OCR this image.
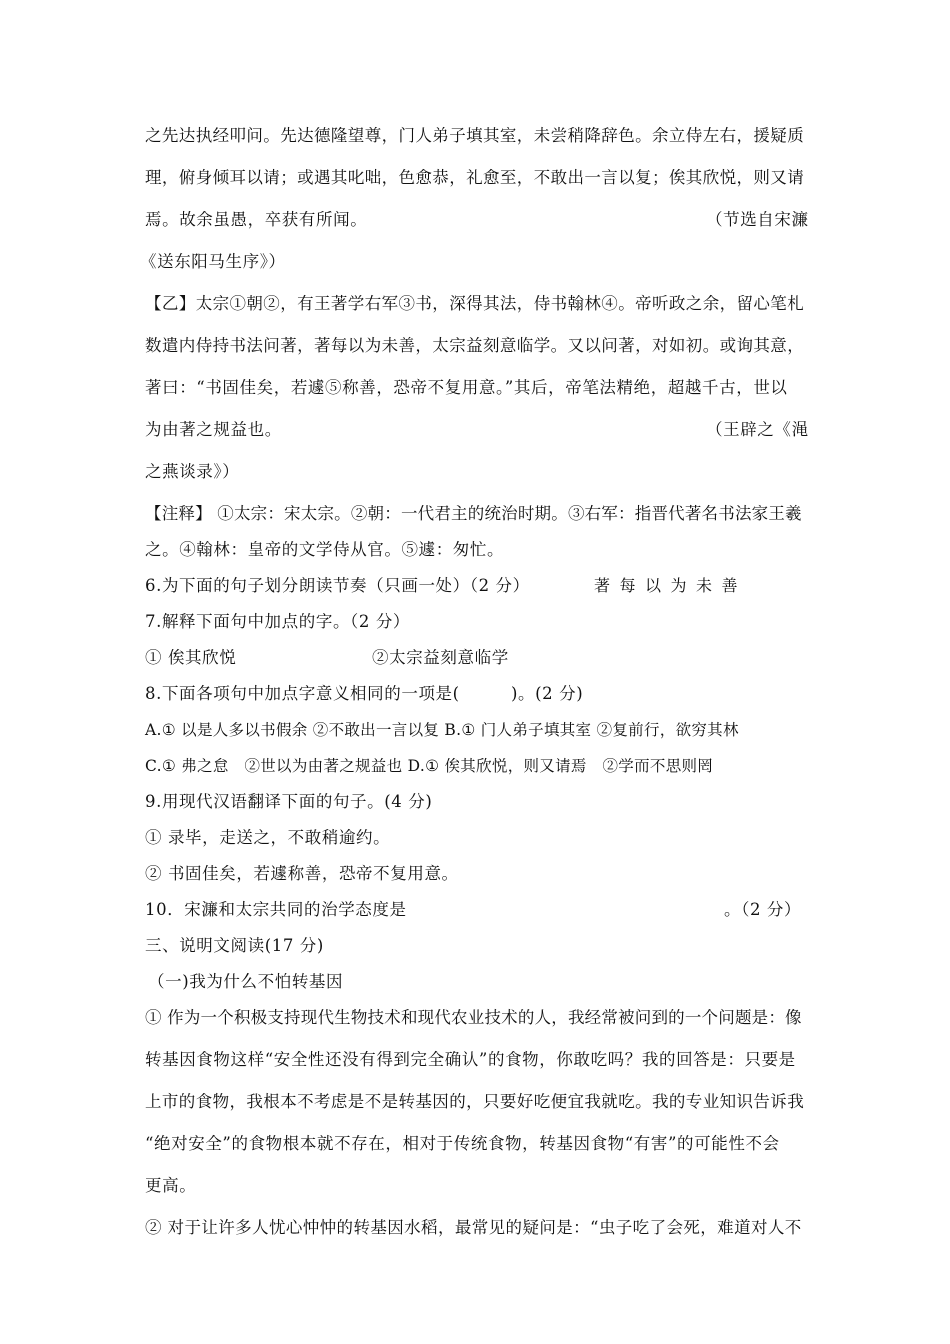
之先达执经叩问。先达德隆望尊，门人弟子填其室，未尝稍降辞色。余立侍左右，援疑质
理，俯身倾耳以请；或遇其叱咄，色愈恭，礼愈至，不敢出一言以复；俟其欣悦，则又请
焉。故余虽愚，卒获有所闻。	（节选自宋濂
《送东阳马生序》）
【乙】太宗①朝②，有王著学右军③书，深得其法，侍书翰林④。帝听政之余，留心笔札
数遣内侍持书法问著，著每以为未善，太宗益刻意临学。又以问著，对如初。或询其意，
著曰：“书固佳矣，若遽⑤称善，恐帝不复用意。”其后，帝笔法精绝，超越千古，世以
为由著之规益也。	（王辟之《渑
之燕谈录》）
【注释】 ①太宗：宋太宗。②朝：一代君主的统治时期。③右军：指晋代著名书法家王羲
之。④翰林：皇帝的文学侍从官。⑤遽：匆忙。
6.为下面的句子划分朗读节奏（只画一处）（2 分）	著 每 以 为 未 善
7.解释下面句中加点的字。（2 分）
① 俟其欣悦	②太宗益刻意临学
8.下面各项句中加点字意义相同的一项是(　　　)。(2 分)
A.① 以是人多以书假余 ②不敢出一言以复 B.① 门人弟子填其室 ②复前行，欲穷其林
C.① 弗之怠　②世以为由著之规益也 D.① 俟其欣悦，则又请焉　②学而不思则罔
9.用现代汉语翻译下面的句子。(4 分)
① 录毕，走送之，不敢稍逾约。
② 书固佳矣，若遽称善，恐帝不复用意。
10．宋濂和太宗共同的治学态度是	。（2 分）
三、说明文阅读(17 分)
（一)我为什么不怕转基因
① 作为一个积极支持现代生物技术和现代农业技术的人，我经常被问到的一个问题是：像
转基因食物这样“安全性还没有得到完全确认”的食物，你敢吃吗？我的回答是：只要是
上市的食物，我根本不考虑是不是转基因的，只要好吃便宜我就吃。我的专业知识告诉我
“绝对安全”的食物根本就不存在，相对于传统食物，转基因食物“有害”的可能性不会
更高。
② 对于让许多人忧心忡忡的转基因水稻，最常见的疑问是：“虫子吃了会死，难道对人不
